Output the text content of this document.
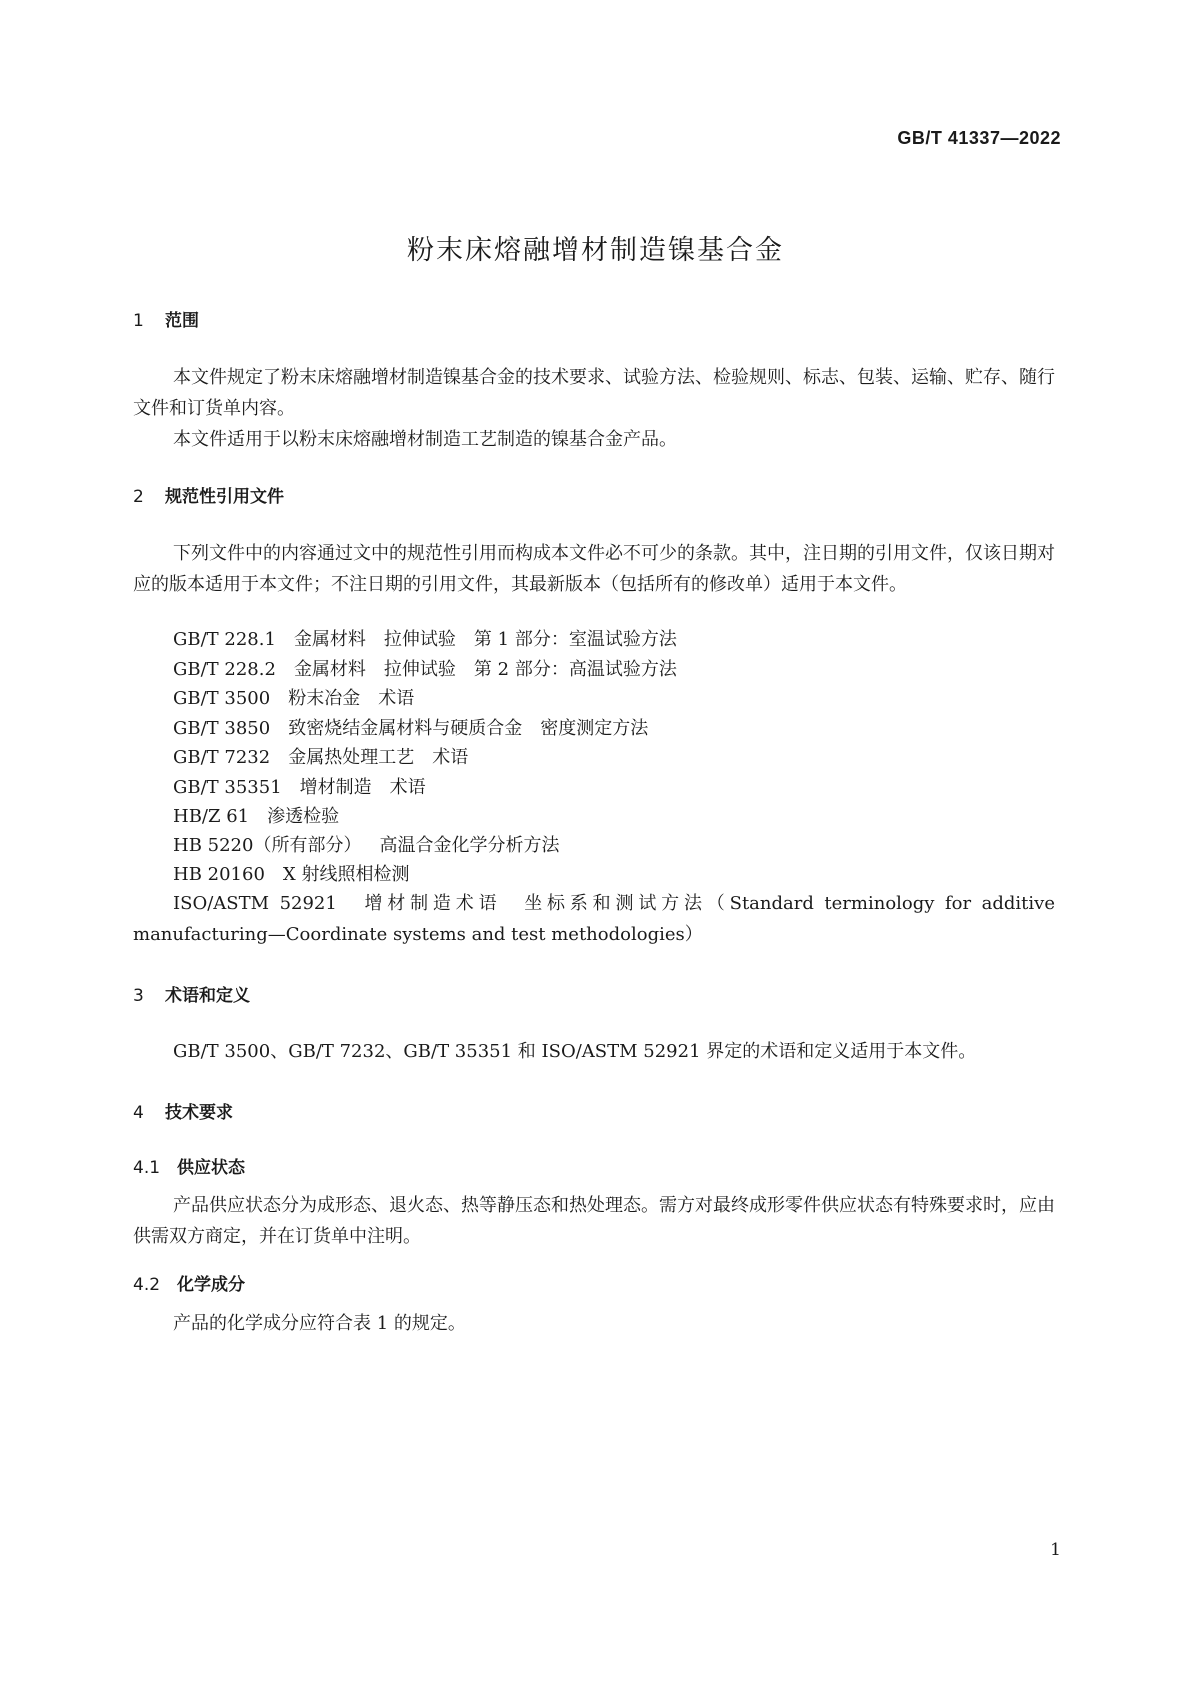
GB/T 41337—2022
粉末床熔融增材制造镍基合金
1 范围
本文件规定了粉末床熔融增材制造镍基合金的技术要求、试验方法、检验规则、标志、包装、运输、贮存、随行文件和订货单内容。
本文件适用于以粉末床熔融增材制造工艺制造的镍基合金产品。
2 规范性引用文件
下列文件中的内容通过文中的规范性引用而构成本文件必不可少的条款。其中，注日期的引用文件，仅该日期对应的版本适用于本文件；不注日期的引用文件，其最新版本（包括所有的修改单）适用于本文件。
GB/T 228.1 金属材料　拉伸试验　第 1 部分：室温试验方法
GB/T 228.2 金属材料　拉伸试验　第 2 部分：高温试验方法
GB/T 3500 粉末冶金　术语
GB/T 3850 致密烧结金属材料与硬质合金　密度测定方法
GB/T 7232 金属热处理工艺　术语
GB/T 35351 增材制造　术语
HB/Z 61 渗透检验
HB 5220（所有部分） 高温合金化学分析方法
HB 20160 X 射线照相检测
ISO/ASTM 52921　增材制造术语　坐标系和测试方法（Standard terminology for additive manufacturing—Coordinate systems and test methodologies）
3 术语和定义
GB/T 3500、GB/T 7232、GB/T 35351 和 ISO/ASTM 52921 界定的术语和定义适用于本文件。
4 技术要求
4.1 供应状态
产品供应状态分为成形态、退火态、热等静压态和热处理态。需方对最终成形零件供应状态有特殊要求时，应由供需双方商定，并在订货单中注明。
4.2 化学成分
产品的化学成分应符合表 1 的规定。
1
